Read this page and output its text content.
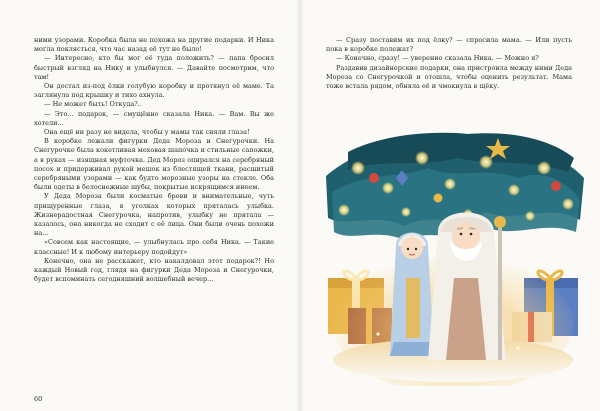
ними узорами. Коробка была не похожа на другие подарки. И Ника могла поклясться, что час назад её тут не было!

— Интересно, кто бы мог её туда положить? — папа бросил быстрый взгляд на Нику и улыбнулся. — Давайте посмотрим, что там!

Он достал из-под ёлки голубую коробку и протянул её маме. Та заглянула под крышку и тихо ахнула.

— Не может быть! Откуда?..

— Это... подарок, — смущённо сказала Ника. — Вам. Вы же хотели...

Она ещё ни разу не видела, чтобы у мамы так сияли глаза!

В коробке лежали фигурки Деда Мороза и Снегурочки. На Снегурочке была кокетливая меховая шапочка и стильные сапожки, а в руках — изящная муфточка. Дед Мороз опирался на серебряный посох и придерживал рукой мешок из блестящей ткани, расшитый серебряными узорами — как будто морозные узоры на стекле. Оба были одеты в белоснежные шубы, покрытые искрящимся инеем.

У Деда Мороза были косматые брови и внимательные, чуть прищуренные глаза, в уголках которых пряталась улыбка. Жизнерадостная Снегурочка, напротив, улыбку не прятала — казалось, она никогда не сходит с её лица. Они были очень похожи на...

«Совсем как настоящие, — улыбнулась про себя Ника. — Такие классные! И к любому интерьеру подойдут»

Конечно, она не расскажет, кто накалдовал этот подарок?! Но каждый Новый год, глядя на фигурки Деда Мороза и Снегурочки, будет вспоминать сегодняшний волшебный вечер...

60

— Сразу поставим их под ёлку? — спросила мама. — Или пусть пока в коробке полежат?

— Конечно, сразу! — уверенно сказала Ника. — Можно я?

Раздавив дизайнерские подарки, она пристроила между ними Деда Мороза со Снегурочкой и отошла, чтобы оценить результат. Мама тоже встала рядом, обняла её и чмокнула в щёку.
